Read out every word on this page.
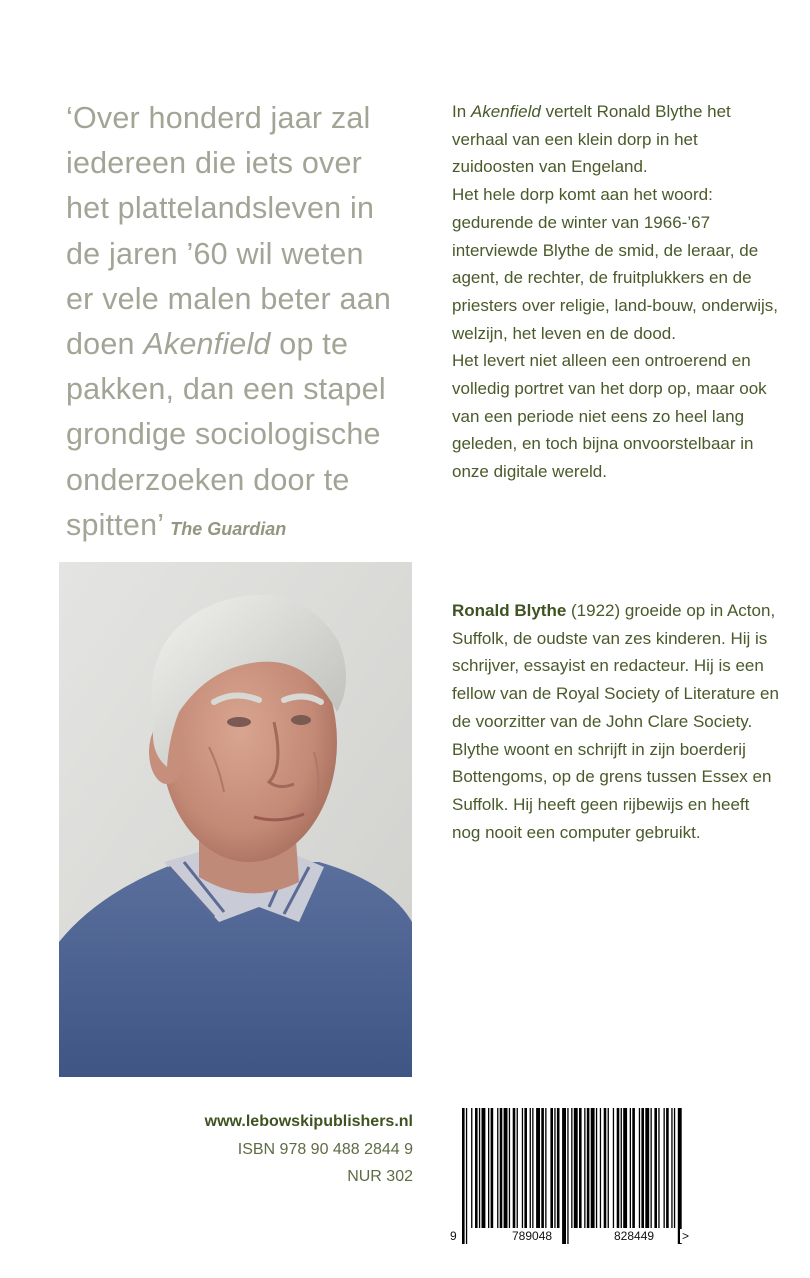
‘Over honderd jaar zal
iedereen die iets over
het plattelandsleven in
de jaren ’60 wil weten
er vele malen beter aan
doen Akenfield op te
pakken, dan een stapel
grondige sociologische
onderzoeken door te
spitten’ The Guardian

In Akenfield vertelt Ronald Blythe het verhaal van een klein dorp in het zuidoosten van Engeland.

Het hele dorp komt aan het woord: gedurende de winter van 1966-’67 interviewde Blythe de smid, de leraar, de agent, de rechter, de fruitplukkers en de priesters over religie, land-bouw, onderwijs, welzijn, het leven en de dood.

Het levert niet alleen een ontroerend en volledig portret van het dorp op, maar ook van een periode niet eens zo heel lang geleden, en toch bijna onvoorstelbaar in onze digitale wereld.

Ronald Blythe (1922) groeide op in Acton, Suffolk, de oudste van zes kinderen. Hij is schrijver, essayist en redacteur. Hij is een fellow van de Royal Society of Literature en de voorzitter van de John Clare Society. Blythe woont en schrijft in zijn boerderij Bottengoms, op de grens tussen Essex en Suffolk. Hij heeft geen rijbewijs en heeft nog nooit een computer gebruikt.

www.lebowskipublishers.nl
ISBN 978 90 488 2844 9
NUR 302
9	789048	828449 >
